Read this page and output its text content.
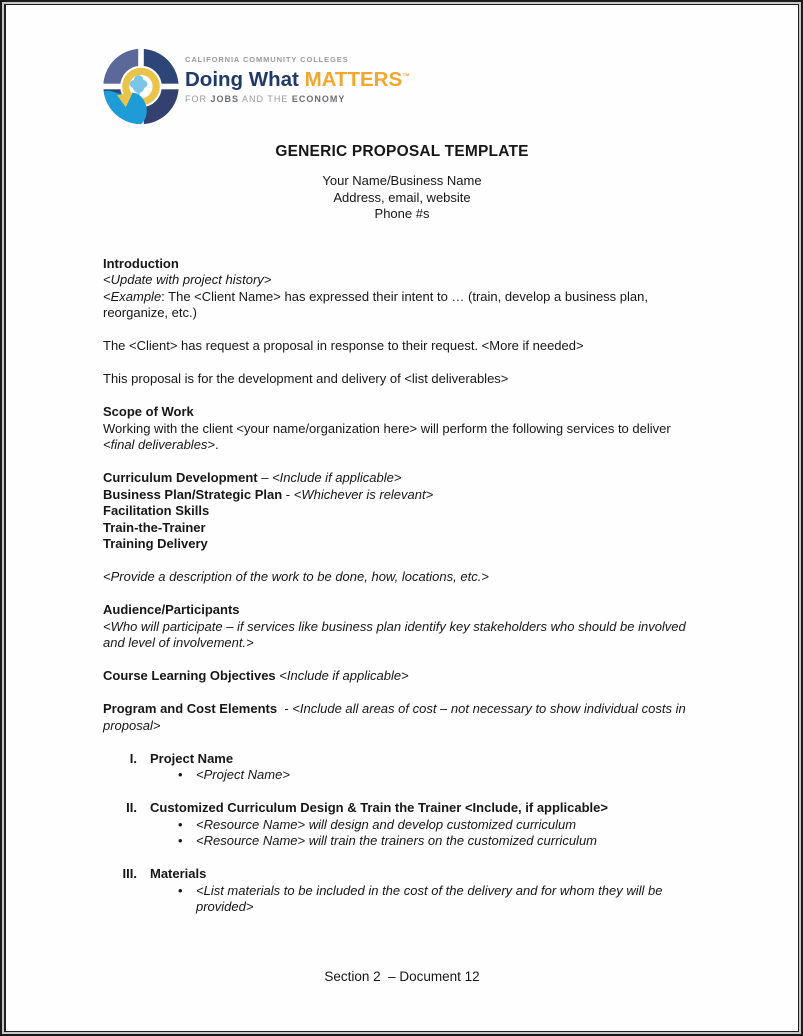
CALIFORNIA COMMUNITY COLLEGES
Doing What MATTERS™
FOR JOBS AND THE ECONOMY
GENERIC PROPOSAL TEMPLATE
Your Name/Business Name
Address, email, website
Phone #s
Introduction
<Update with project history>
<Example: The <Client Name> has expressed their intent to … (train, develop a business plan, reorganize, etc.)
The <Client> has request a proposal in response to their request. <More if needed>
This proposal is for the development and delivery of <list deliverables>
Scope of Work
Working with the client <your name/organization here> will perform the following services to deliver <final deliverables>.
Curriculum Development – <Include if applicable>
Business Plan/Strategic Plan - <Whichever is relevant>
Facilitation Skills
Train-the-Trainer
Training Delivery
<Provide a description of the work to be done, how, locations, etc.>
Audience/Participants
<Who will participate – if services like business plan identify key stakeholders who should be involved and level of involvement.>
Course Learning Objectives <Include if applicable>
Program and Cost Elements  - <Include all areas of cost – not necessary to show individual costs in proposal>
I. Project Name
•	<Project Name>
II. Customized Curriculum Design & Train the Trainer <Include, if applicable>
•	<Resource Name> will design and develop customized curriculum
•	<Resource Name> will train the trainers on the customized curriculum
III. Materials
•	<List materials to be included in the cost of the delivery and for whom they will be provided>
Section 2  – Document 12
